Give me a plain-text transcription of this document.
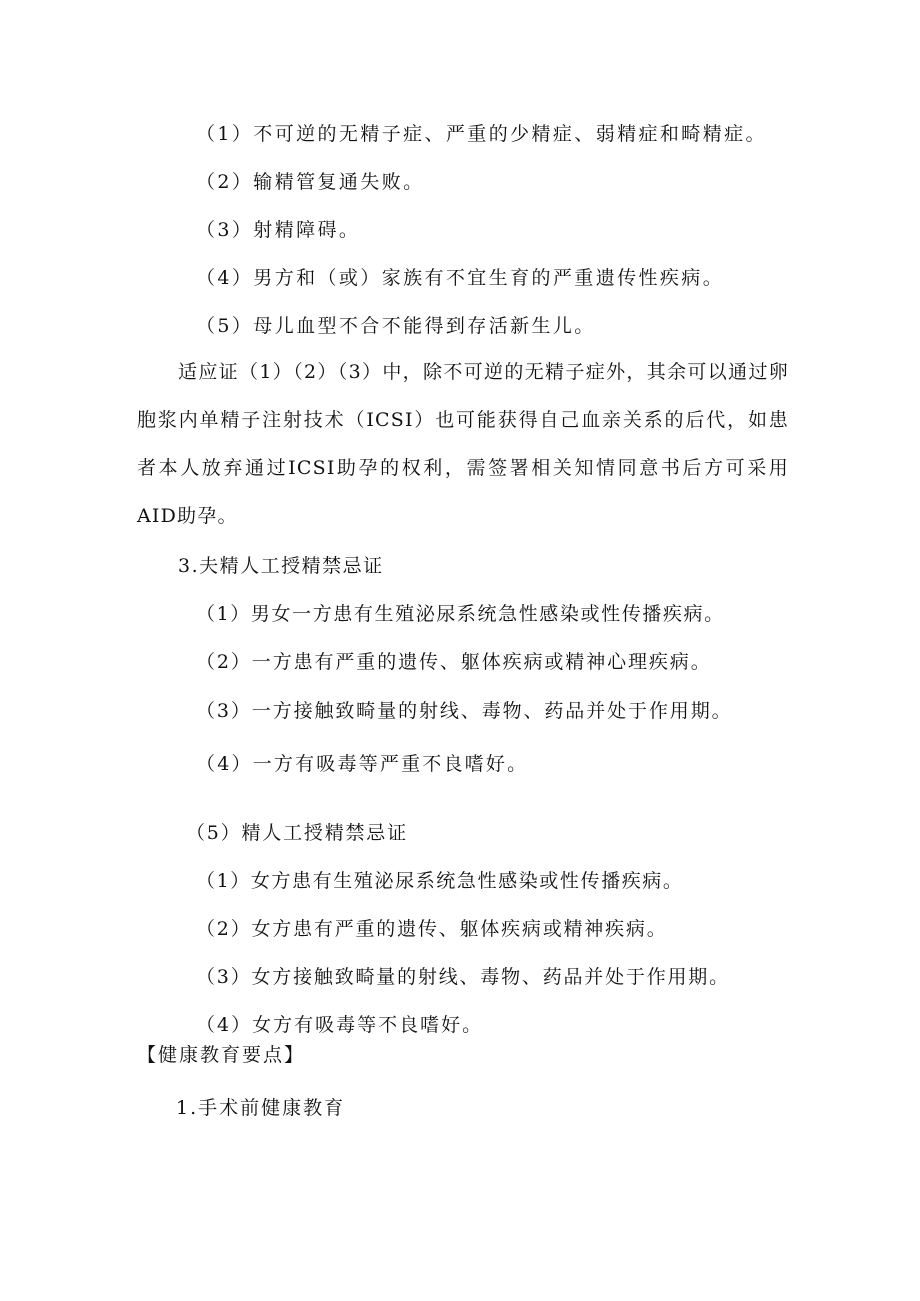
（1）不可逆的无精子症、严重的少精症、弱精症和畸精症。
（2）输精管复通失败。
（3）射精障碍。
（4）男方和（或）家族有不宜生育的严重遗传性疾病。
（5）母儿血型不合不能得到存活新生儿。
适应证（1）（2）（3）中，除不可逆的无精子症外，其余可以通过卵胞浆内单精子注射技术（ICSI）也可能获得自己血亲关系的后代，如患者本人放弃通过ICSI助孕的权利，需签署相关知情同意书后方可采用AID助孕。
3.夫精人工授精禁忌证
（1）男女一方患有生殖泌尿系统急性感染或性传播疾病。
（2）一方患有严重的遗传、躯体疾病或精神心理疾病。
（3）一方接触致畸量的射线、毒物、药品并处于作用期。
（4）一方有吸毒等严重不良嗜好。
（5）精人工授精禁忌证
（1）女方患有生殖泌尿系统急性感染或性传播疾病。
（2）女方患有严重的遗传、躯体疾病或精神疾病。
（3）女方接触致畸量的射线、毒物、药品并处于作用期。
（4）女方有吸毒等不良嗜好。
【健康教育要点】
1.手术前健康教育
